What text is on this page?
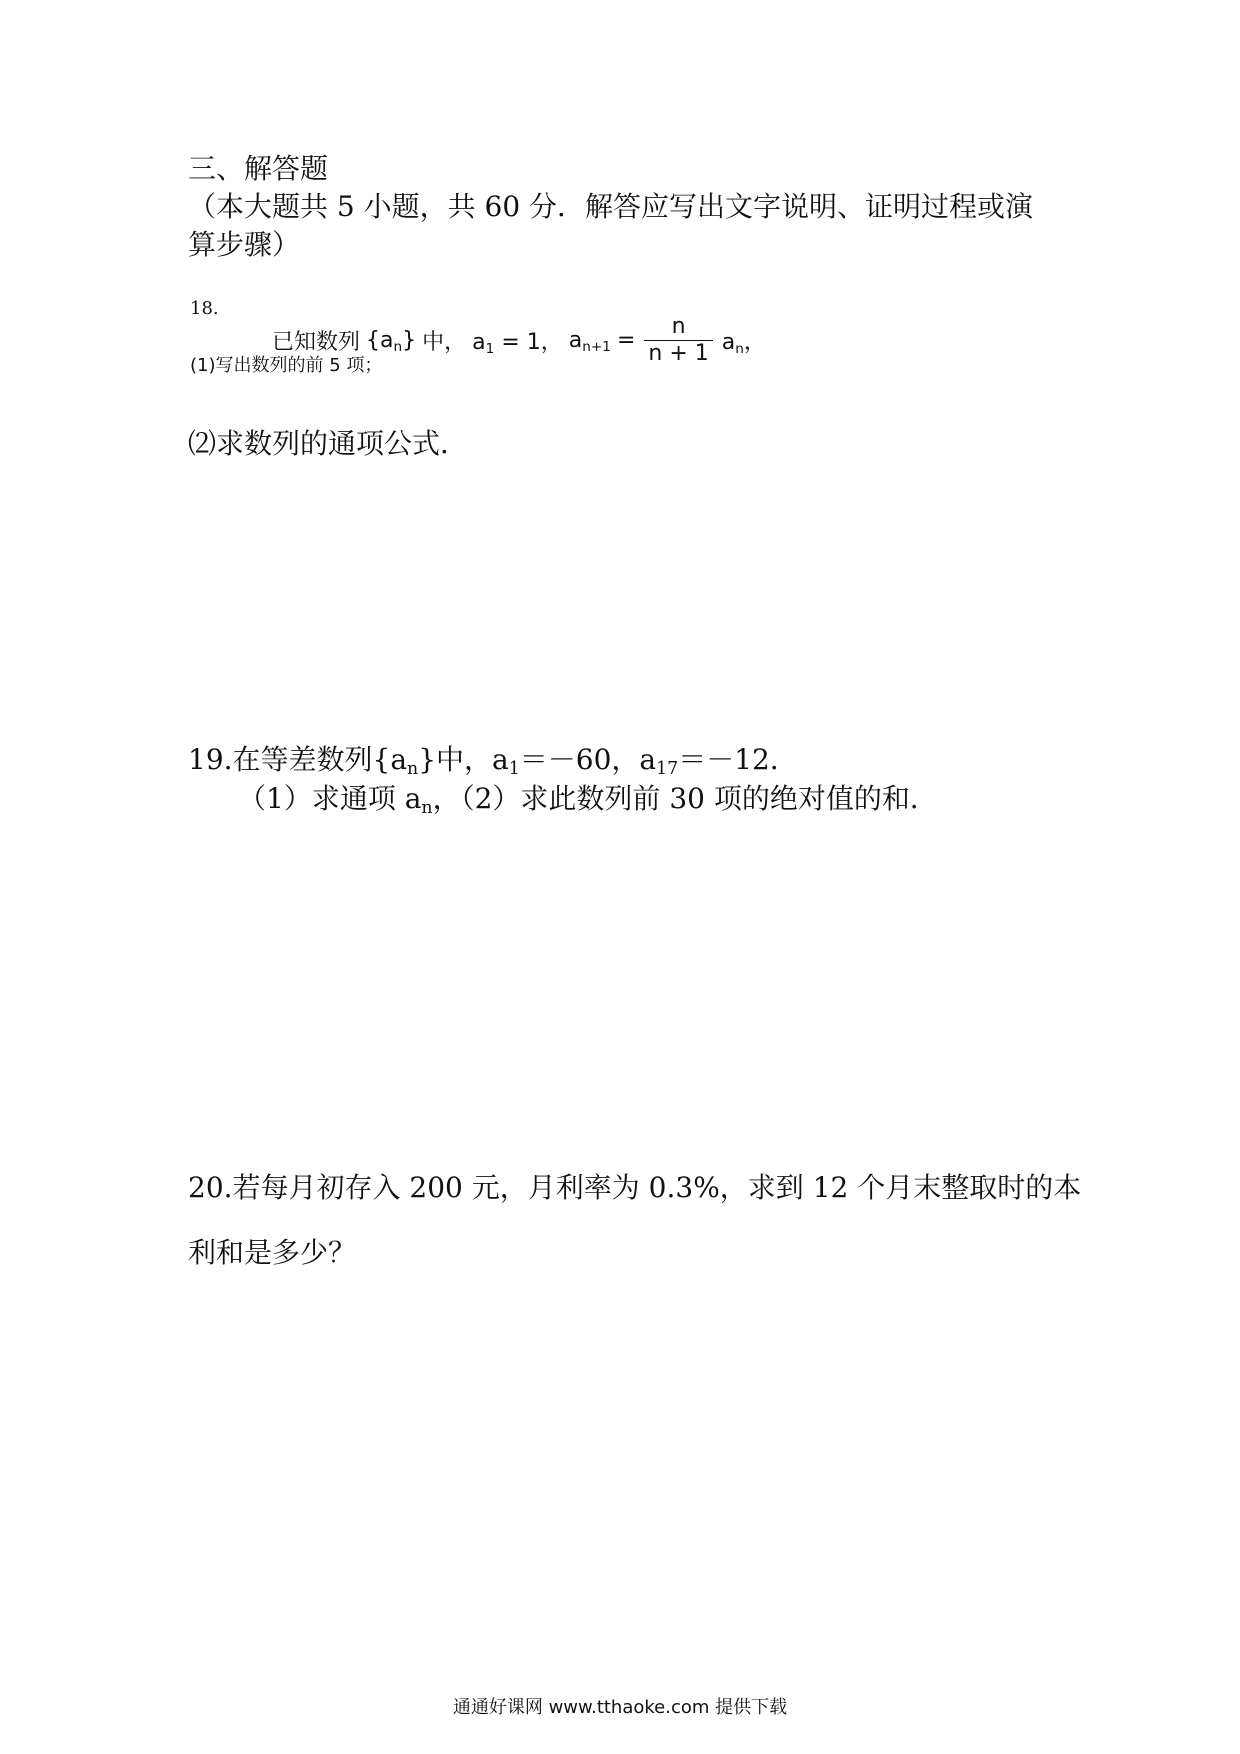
三、解答题
（本大题共 5 小题，共 60 分．解答应写出文字说明、证明过程或演
算步骤）
18.
已知数列 $\{a_n\}$ 中， $a_1 = 1$， $a_{n+1} = \frac{n}{n + 1} a_n$，
(1)写出数列的前 5 项；
⑵求数列的通项公式．
19.在等差数列$\{a_n\}$中，$a_1=-60$，$a_{17}=-12$．
（1）求通项 $a_n$，（2）求此数列前 30 项的绝对值的和．
20.若每月初存入 200 元，月利率为 0.3%，求到 12 个月末整取时的本
利和是多少？
通通好课网 www.tthaoke.com 提供下载
